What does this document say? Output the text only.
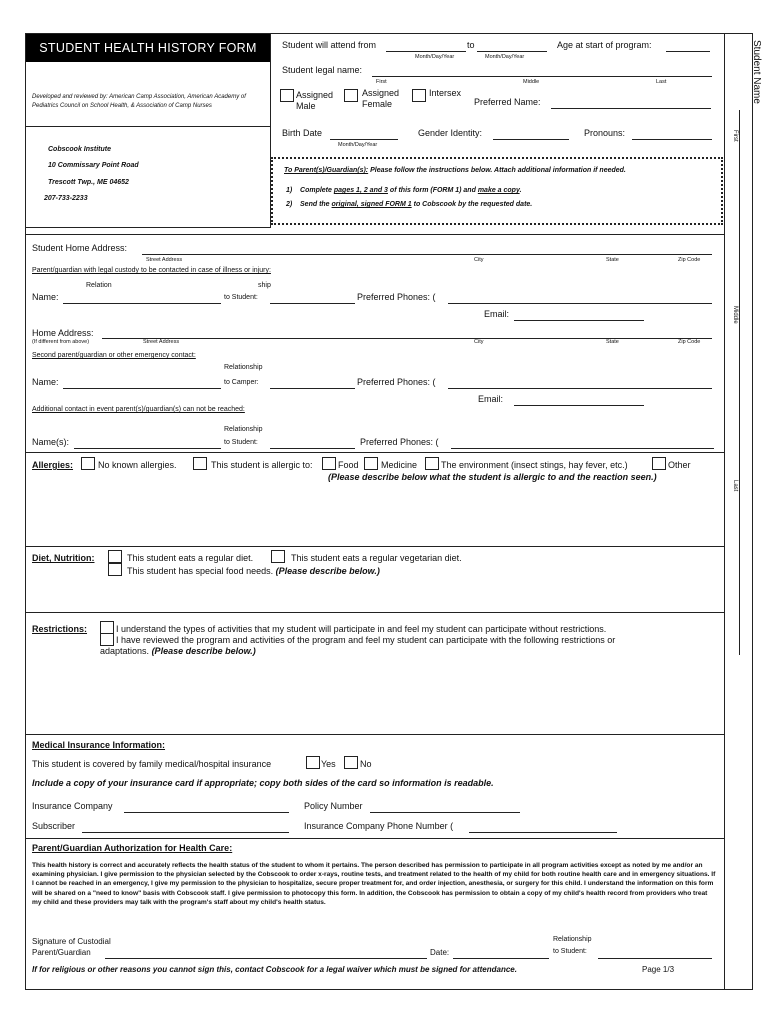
STUDENT HEALTH HISTORY FORM
Developed and reviewed by: American Camp Association, American Academy of Pediatrics Council on School Health, & Association of Camp Nurses
Cobscook Institute
10 Commissary Point Road
Trescott Twp., ME 04652
207-733-2233
Student will attend from	to	Age at start of program:
Month/Day/Year	Month/Day/Year
Student legal name:
First	Middle	Last
Assigned Male
Assigned Female
Intersex
Preferred Name:
Birth Date
Month/Day/Year
Gender Identity:	Pronouns:
To Parent(s)/Guardian(s): Please follow the instructions below. Attach additional information if needed.
1) Complete pages 1, 2 and 3 of this form (FORM 1) and make a copy.
2) Send the original, signed FORM 1 to Cobscook by the requested date.
Student Name
First
Middle
Last
Student Home Address:
Street Address	City	State	Zip Code
Parent/guardian with legal custody to be contacted in case of illness or injury:
Relation	ship
Name:	to Student:	Preferred Phones: (
Email:
Home Address:
(If different from above)	Street Address	City	State	Zip Code
Second parent/guardian or other emergency contact:
Relationship
Name:	to Camper:	Preferred Phones: (
Email:
Additional contact in event parent(s)/guardian(s) can not be reached:
Relationship
Name(s):	to Student:	Preferred Phones: (
Allergies:	No known allergies.	This student is allergic to:	Food Medicine	The environment (insect stings, hay fever, etc.)	Other
(Please describe below what the student is allergic to and the reaction seen.)
Diet, Nutrition:	This student eats a regular diet.	This student eats a regular vegetarian diet.
This student has special food needs. (Please describe below.)
Restrictions:	I understand the types of activities that my student will participate in and feel my student can participate without restrictions.
I have reviewed the program and activities of the program and feel my student can participate with the following restrictions or
adaptations. (Please describe below.)
Medical Insurance Information:
This student is covered by family medical/hospital insurance	Yes	No
Include a copy of your insurance card if appropriate; copy both sides of the card so information is readable.
Insurance Company	Policy Number
Subscriber	Insurance Company Phone Number (
Parent/Guardian Authorization for Health Care:
This health history is correct and accurately reflects the health status of the student to whom it pertains. The person described has permission to participate in all program activities except as noted by me and/or an examining physician. I give permission to the physician selected by the Cobscook to order x-rays, routine tests, and treatment related to the health of my child for both routine health care and in emergency situations. If I cannot be reached in an emergency, I give my permission to the physician to hospitalize, secure proper treatment for, and order injection, anesthesia, or surgery for this child. I understand the information on this form will be shared on a "need to know" basis with Cobscook staff. I give permission to photocopy this form. In addition, the Cobscook has permission to obtain a copy of my child's health record from providers who treat my child and these providers may talk with the program's staff about my child's health status.
Signature of Custodial
Parent/Guardian	Date:
Relationship
to Student:
If for religious or other reasons you cannot sign this, contact Cobscook for a legal waiver which must be signed for attendance.	Page 1/3
